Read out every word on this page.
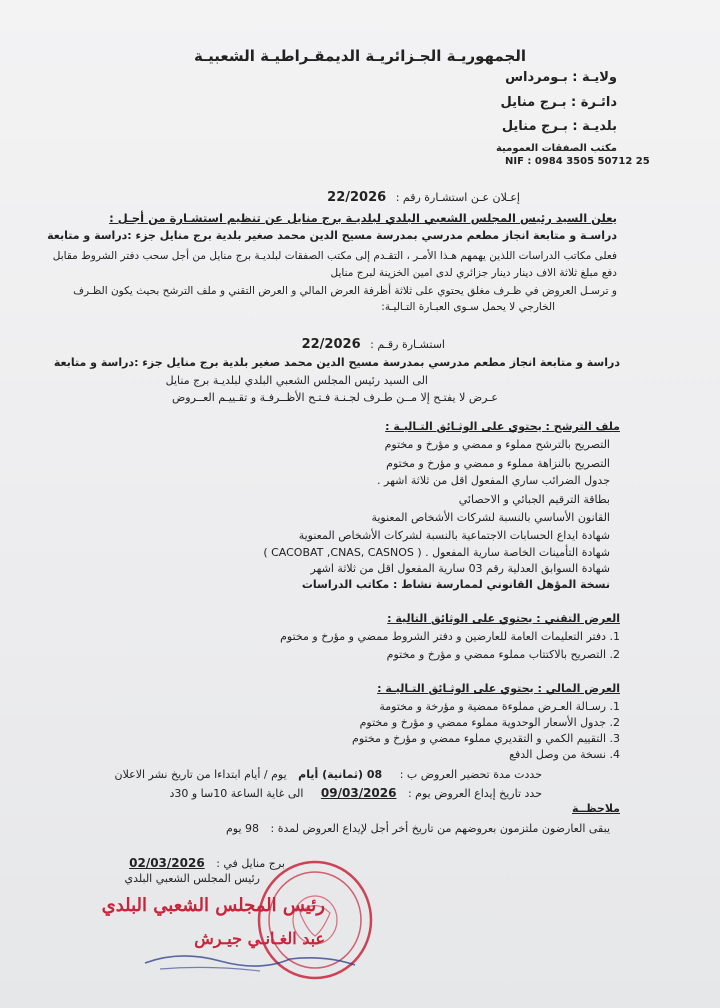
الجمهوريـة الجـزائريـة الديمقـراطيـة الشعبيـة
ولايـة : بـومرداس
دائـرة : بـرج منايل
بلديـة : بـرج منايل
مكتب الصفقات العمومية
NIF : 0984 3505 50712 25
إعـلان عـن استشـارة رقم : 22/2026
يعلن السيد رئيس المجلس الشعبي البلدي لبلديـة برج منايل عن تنظيم استشـارة من أجـل :
دراسـة و متابعة انجاز مطعم مدرسي بمدرسة مسيح الدين محمد صغير بلدية برج منايل جزء :دراسة و متابعة
فعلى مكاتب الدراسات اللذين يهمهم هـذا الأمـر ، التقـدم إلى مكتب الصفقات لبلديـة برج منايل من أجل سحب دفتر الشروط مقابل
دفع مبلغ ثلاثة الاف دينار دينار جزائري لدى امين الخزينة لبرج منايل
و ترسـل العروض في ظـرف مغلق يحتوي على ثلاثة أظرفة العرض المالي و العرض التقني و ملف الترشح بحيث يكون الظـرف
الخارجي لا يحمل سـوى العبـارة التـاليـة:
استشـارة رقـم : 22/2026
دراسة و متابعة انجاز مطعم مدرسي بمدرسة مسيح الدين محمد صغير بلدية برج منايل جزء :دراسة و متابعة
الى السيد رئيس المجلس الشعبي البلدي لبلديـة برج منايل
عـرض لا يفتـح إلا مــن طـرف لجـنـة فـتـح الأظــرفـة و تقـييـم العــروض
ملف الترشح : يحتوي على الوثـائق التـاليـة :
التصريح بالترشح مملوء و ممضي و مؤرخ و مختوم
التصريح بالنزاهة مملوء و ممضي و مؤرخ و مختوم
جدول الضرائب ساري المفعول اقل من ثلاثة اشهر .
بطاقة الترقيم الجبائي و الاحصائي
القانون الأساسي بالنسبة لشركات الأشخاص المعنوية
شهادة ايداع الحسابات الاجتماعية بالنسبة لشركات الأشخاص المعنوية
شهادة التأمينات الخاصة سارية المفعول . ( CACOBAT ,CNAS, CASNOS )
شهادة السوابق العدلية رقم 03 سارية المفعول اقل من ثلاثة اشهر
نسخة المؤهل القانوني لممارسة نشاط : مكاتب الدراسات
العرض التقني : يحتوي على الوثائق التالية :
1. دفتر التعليمات العامة للعارضين و دفتر الشروط ممضي و مؤرخ و مختوم
2. التصريح بالاكتتاب مملوء ممضي و مؤرخ و مختوم
العرض المالي : يحتوي على الوثـائق التـاليـة :
1. رسـالة العـرض مملوءة ممضية و مؤرخة و مختومة
2. جدول الأسعار الوحدوية مملوء ممضي و مؤرخ و مختوم
3. التقييم الكمي و التقديري مملوء ممضي و مؤرخ و مختوم
4. نسخة من وصل الدفع
حددت مدة تحضير العروض ب : 08 (ثمانية) أيام يوم / أيام ابتداءا من تاريخ نشر الاعلان
حدد تاريخ إيداع العروض يوم : 09/03/2026 الى غاية الساعة 10سا و 30د
ملاحظــة
يبقى العارضون ملتزمون بعروضهم من تاريخ أخر أجل لإيداع العروض لمدة : 98 يوم
برج منايل في : 02/03/2026
رئيس المجلس الشعبي البلدي
رئيس المجلس الشعبي البلدي
عبد الغـانـي جيـرش
